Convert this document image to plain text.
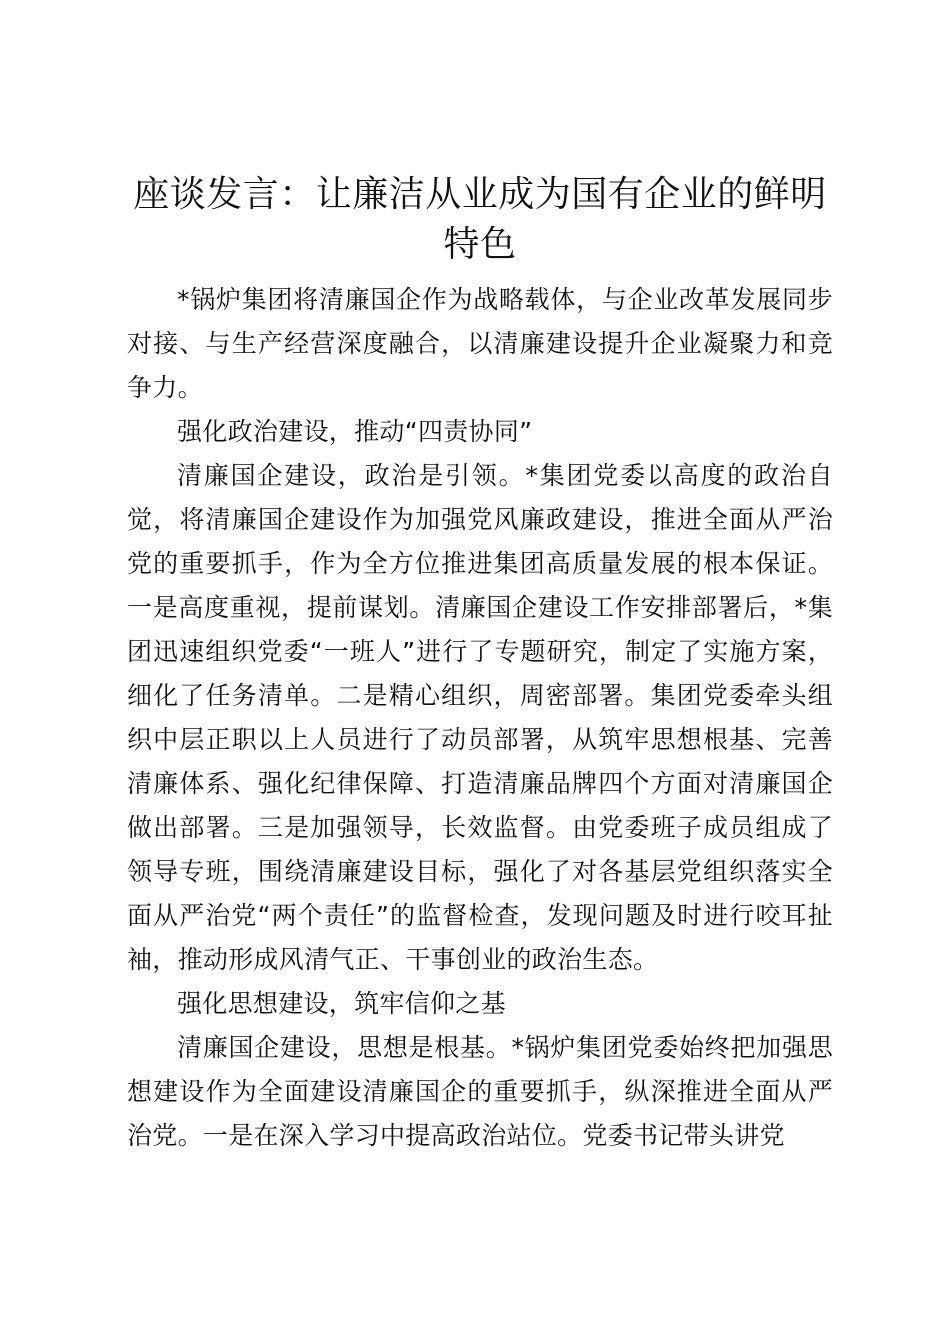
座谈发言：让廉洁从业成为国有企业的鲜明特色

*锅炉集团将清廉国企作为战略载体，与企业改革发展同步对接、与生产经营深度融合，以清廉建设提升企业凝聚力和竞争力。

强化政治建设，推动“四责协同”

清廉国企建设，政治是引领。*集团党委以高度的政治自觉，将清廉国企建设作为加强党风廉政建设，推进全面从严治党的重要抓手，作为全方位推进集团高质量发展的根本保证。一是高度重视，提前谋划。清廉国企建设工作安排部署后，*集团迅速组织党委“一班人”进行了专题研究，制定了实施方案，细化了任务清单。二是精心组织，周密部署。集团党委牵头组织中层正职以上人员进行了动员部署，从筑牢思想根基、完善清廉体系、强化纪律保障、打造清廉品牌四个方面对清廉国企做出部署。三是加强领导，长效监督。由党委班子成员组成了领导专班，围绕清廉建设目标，强化了对各基层党组织落实全面从严治党“两个责任”的监督检查，发现问题及时进行咬耳扯袖，推动形成风清气正、干事创业的政治生态。

强化思想建设，筑牢信仰之基

清廉国企建设，思想是根基。*锅炉集团党委始终把加强思想建设作为全面建设清廉国企的重要抓手，纵深推进全面从严治党。一是在深入学习中提高政治站位。党委书记带头讲党
